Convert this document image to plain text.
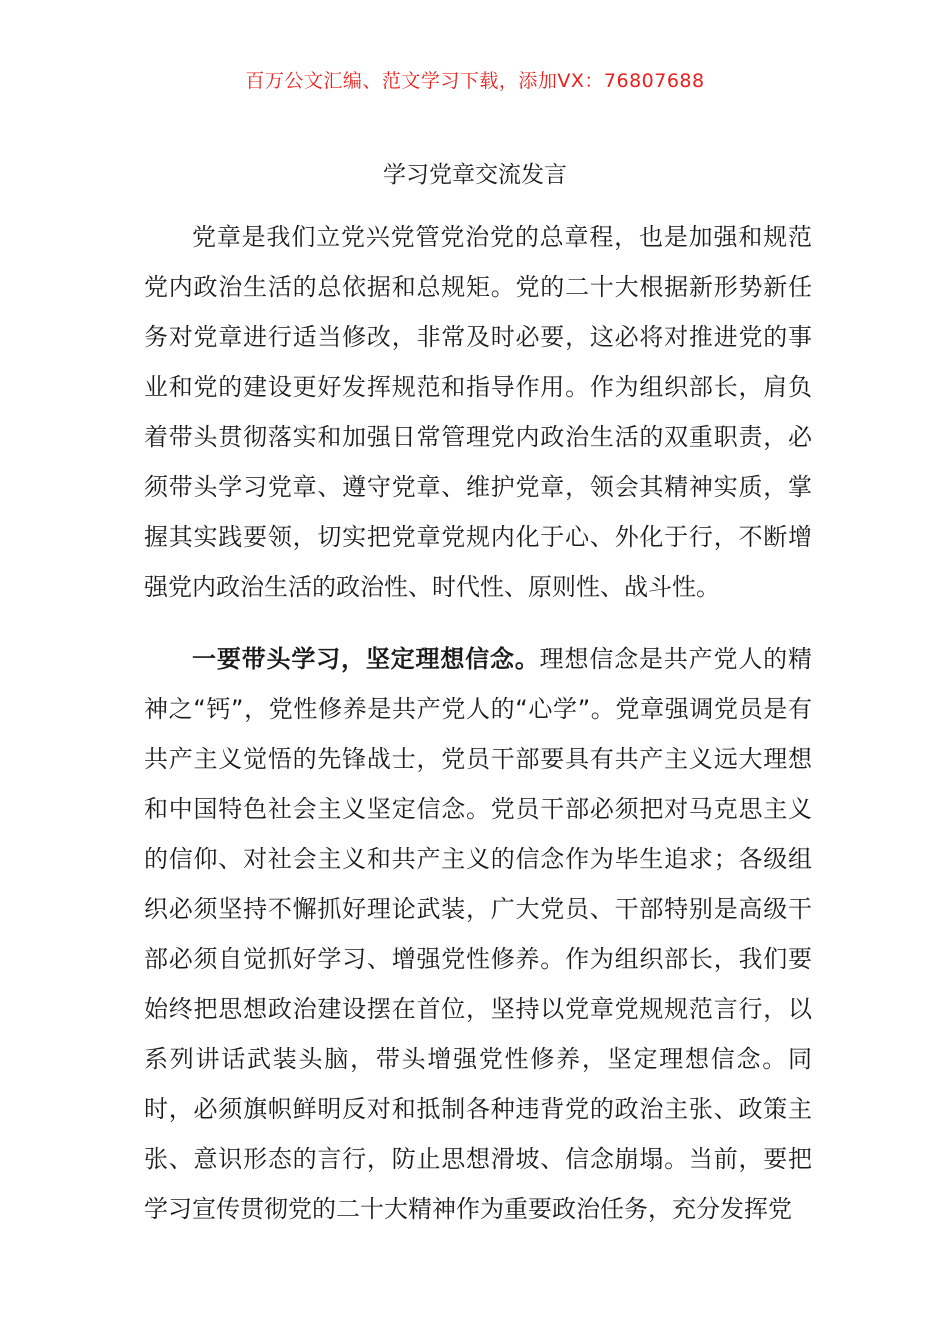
百万公文汇编、范文学习下载，添加VX：76807688
学习党章交流发言

党章是我们立党兴党管党治党的总章程，也是加强和规范党内政治生活的总依据和总规矩。党的二十大根据新形势新任务对党章进行适当修改，非常及时必要，这必将对推进党的事业和党的建设更好发挥规范和指导作用。作为组织部长，肩负着带头贯彻落实和加强日常管理党内政治生活的双重职责，必须带头学习党章、遵守党章、维护党章，领会其精神实质，掌握其实践要领，切实把党章党规内化于心、外化于行，不断增强党内政治生活的政治性、时代性、原则性、战斗性。

一要带头学习，坚定理想信念。理想信念是共产党人的精神之“钙”，党性修养是共产党人的“心学”。党章强调党员是有共产主义觉悟的先锋战士，党员干部要具有共产主义远大理想和中国特色社会主义坚定信念。党员干部必须把对马克思主义的信仰、对社会主义和共产主义的信念作为毕生追求；各级组织必须坚持不懈抓好理论武装，广大党员、干部特别是高级干部必须自觉抓好学习、增强党性修养。作为组织部长，我们要始终把思想政治建设摆在首位，坚持以党章党规规范言行，以系列讲话武装头脑，带头增强党性修养，坚定理想信念。同时，必须旗帜鲜明反对和抵制各种违背党的政治主张、政策主张、意识形态的言行，防止思想滑坡、信念崩塌。当前，要把学习宣传贯彻党的二十大精神作为重要政治任务，充分发挥党
